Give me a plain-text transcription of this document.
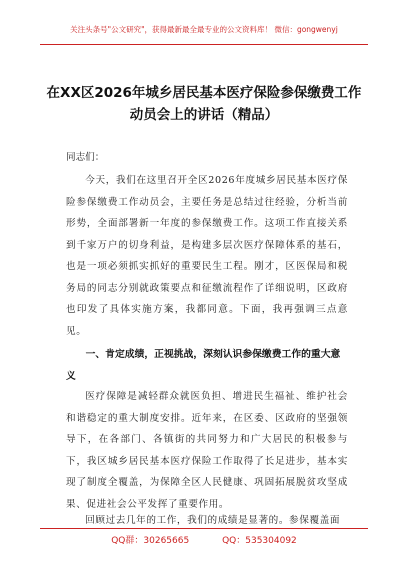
关注头条号"公文研究"，获得最新最全最专业的公文资料库！ 微信：gongwenyj
在XX区2026年城乡居民基本医疗保险参保缴费工作动员会上的讲话（精品）
同志们：
今天，我们在这里召开全区2026年度城乡居民基本医疗保险参保缴费工作动员会，主要任务是总结过往经验，分析当前形势，全面部署新一年度的参保缴费工作。这项工作直接关系到千家万户的切身利益，是构建多层次医疗保障体系的基石，也是一项必须抓实抓好的重要民生工程。刚才，区医保局和税务局的同志分别就政策要点和征缴流程作了详细说明，区政府也印发了具体实施方案，我都同意。下面，我再强调三点意见。
一、肯定成绩，正视挑战，深刻认识参保缴费工作的重大意义
医疗保障是减轻群众就医负担、增进民生福祉、维护社会和谐稳定的重大制度安排。近年来，在区委、区政府的坚强领导下，在各部门、各镇街的共同努力和广大居民的积极参与下，我区城乡居民基本医疗保险工作取得了长足进步，基本实现了制度全覆盖，为保障全区人民健康、巩固拓展脱贫攻坚成果、促进社会公平发挥了重要作用。
回顾过去几年的工作，我们的成绩是显著的。参保覆盖面
QQ群：30265665	QQ：535304092
